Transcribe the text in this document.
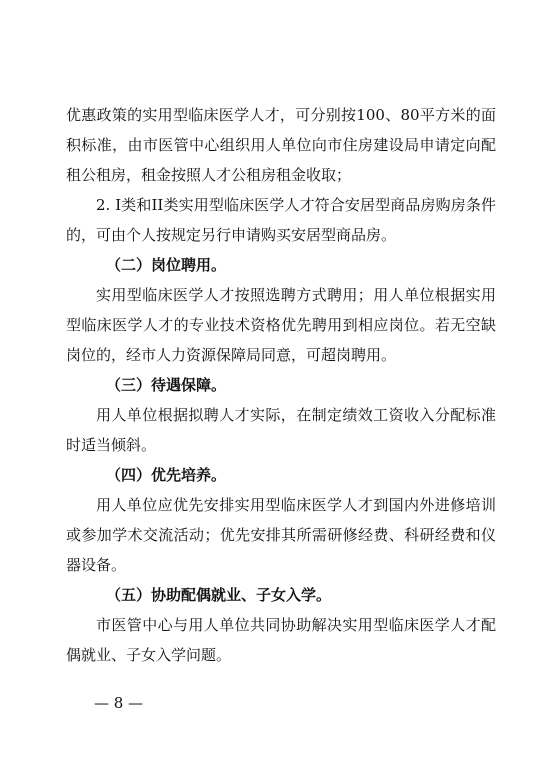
优惠政策的实用型临床医学人才，可分别按100、80平方米的面积标准，由市医管中心组织用人单位向市住房建设局申请定向配租公租房，租金按照人才公租房租金收取；
2. I类和II类实用型临床医学人才符合安居型商品房购房条件的，可由个人按规定另行申请购买安居型商品房。
（二）岗位聘用。
实用型临床医学人才按照选聘方式聘用；用人单位根据实用型临床医学人才的专业技术资格优先聘用到相应岗位。若无空缺岗位的，经市人力资源保障局同意，可超岗聘用。
（三）待遇保障。
用人单位根据拟聘人才实际，在制定绩效工资收入分配标准时适当倾斜。
（四）优先培养。
用人单位应优先安排实用型临床医学人才到国内外进修培训或参加学术交流活动；优先安排其所需研修经费、科研经费和仪器设备。
（五）协助配偶就业、子女入学。
市医管中心与用人单位共同协助解决实用型临床医学人才配偶就业、子女入学问题。
— 8 —
